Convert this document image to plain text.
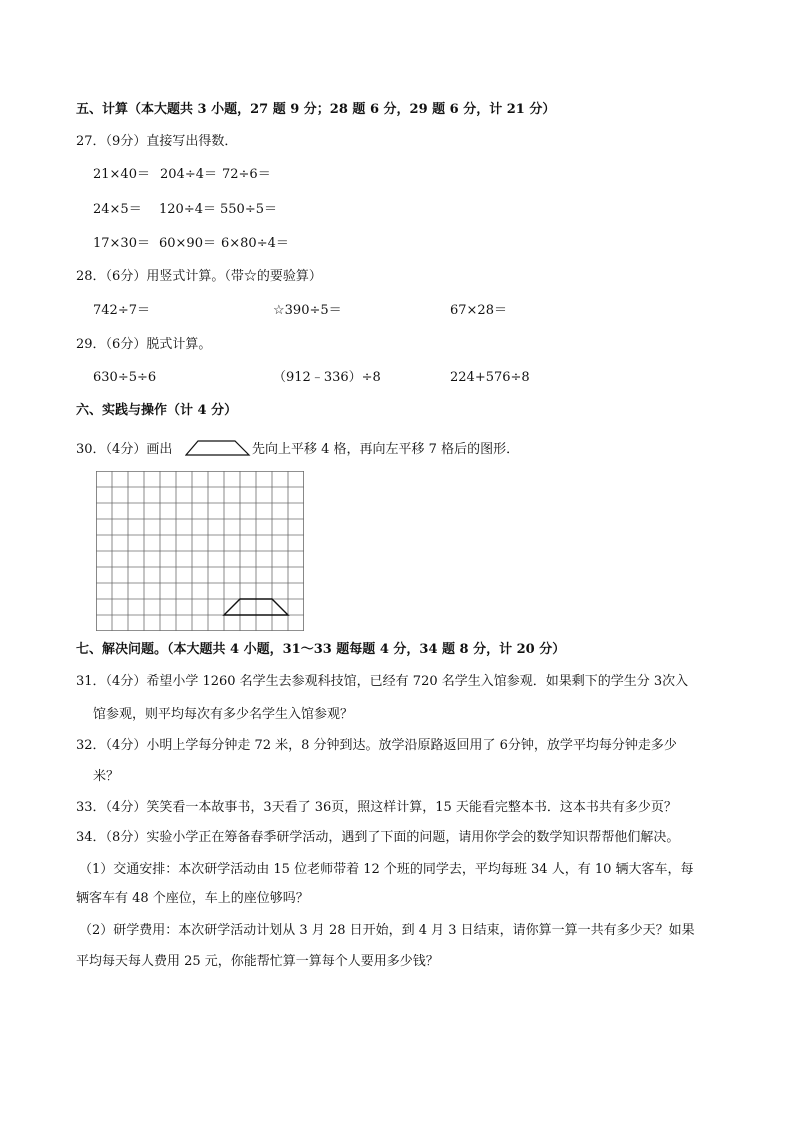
五、计算（本大题共 3 小题，27 题 9 分；28 题 6 分，29 题 6 分，计 21 分）
27．（9分）直接写出得数．
21×40＝ 204÷4＝ 72÷6＝
24×5＝ 120÷4＝ 550÷5＝
17×30＝ 60×90＝ 6×80÷4＝
28．（6分）用竖式计算。（带☆的要验算）
742÷7＝	☆390÷5＝	67×28＝
29．（6分）脱式计算。
630÷5÷6	（912﹣336）÷8	224+576÷8
六、实践与操作（计 4 分）
30．（4分）画出	先向上平移 4 格，再向左平移 7 格后的图形．
七、解决问题。（本大题共 4 小题，31～33 题每题 4 分，34 题 8 分，计 20 分）
31．（4分）希望小学 1260 名学生去参观科技馆，已经有 720 名学生入馆参观．如果剩下的学生分 3次入
馆参观，则平均每次有多少名学生入馆参观？
32．（4分）小明上学每分钟走 72 米，8 分钟到达。放学沿原路返回用了 6分钟，放学平均每分钟走多少
米？
33．（4分）笑笑看一本故事书，3天看了 36页，照这样计算，15 天能看完整本书．这本书共有多少页？
34．（8分）实验小学正在筹备春季研学活动，遇到了下面的问题，请用你学会的数学知识帮帮他们解决。
（1）交通安排：本次研学活动由 15 位老师带着 12 个班的同学去，平均每班 34 人，有 10 辆大客车，每
辆客车有 48 个座位，车上的座位够吗？
（2）研学费用：本次研学活动计划从 3 月 28 日开始，到 4 月 3 日结束，请你算一算一共有多少天？如果
平均每天每人费用 25 元，你能帮忙算一算每个人要用多少钱？
